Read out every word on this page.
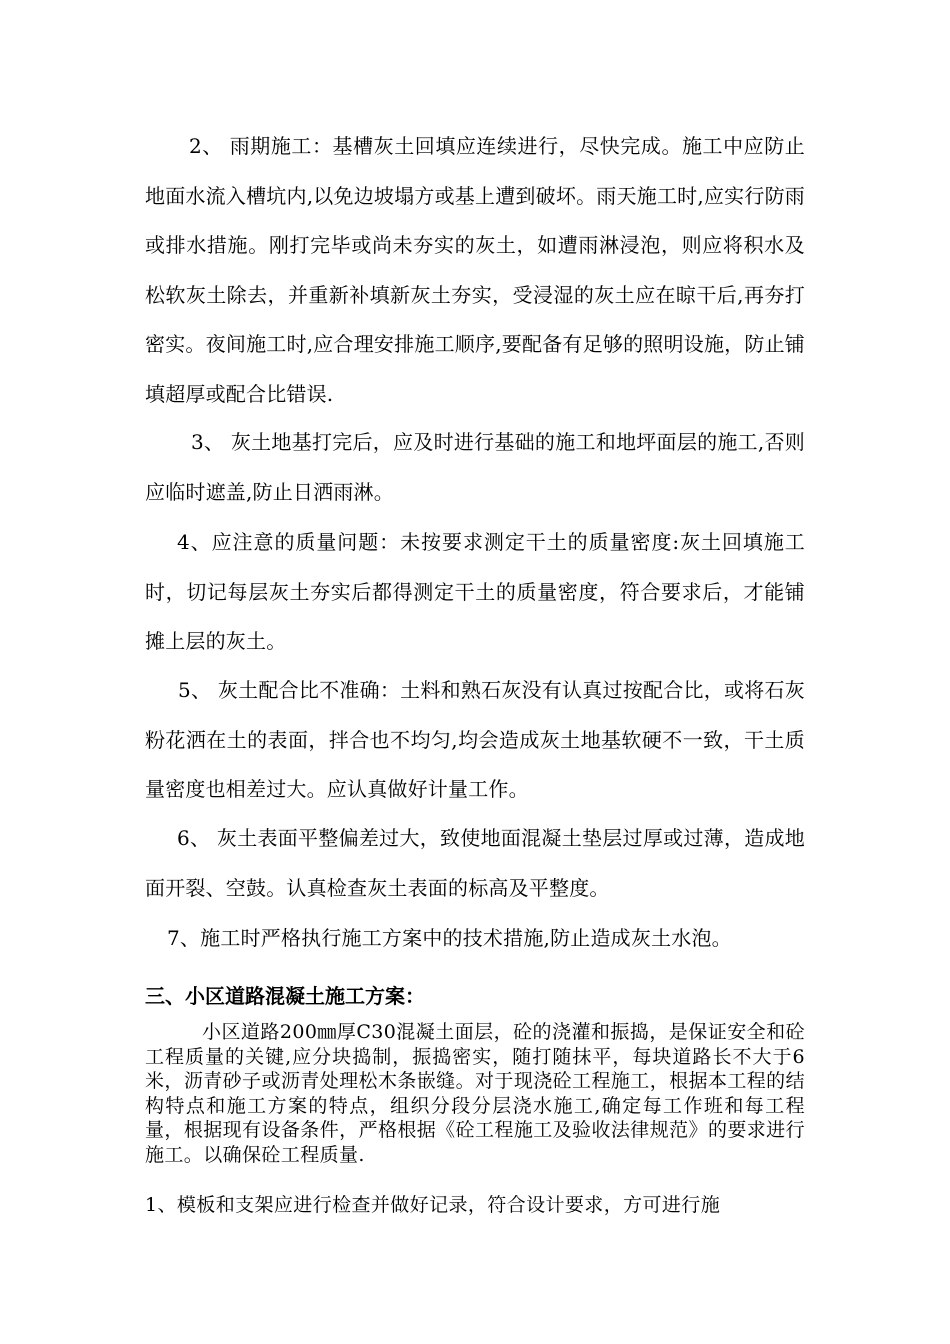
2、 雨期施工：基槽灰土回填应连续进行，尽快完成。施工中应防止地面水流入槽坑内,以免边坡塌方或基上遭到破坏。雨天施工时,应实行防雨或排水措施。刚打完毕或尚未夯实的灰土，如遭雨淋浸泡，则应将积水及松软灰土除去，并重新补填新灰土夯实，受浸湿的灰土应在晾干后,再夯打密实。夜间施工时,应合理安排施工顺序,要配备有足够的照明设施，防止铺填超厚或配合比错误.

3、 灰土地基打完后，应及时进行基础的施工和地坪面层的施工,否则应临时遮盖,防止日洒雨淋。

4、应注意的质量问题：未按要求测定干土的质量密度:灰土回填施工时，切记每层灰土夯实后都得测定干土的质量密度，符合要求后，才能铺摊上层的灰土。

5、 灰土配合比不准确：土料和熟石灰没有认真过按配合比，或将石灰粉花洒在土的表面，拌合也不均匀,均会造成灰土地基软硬不一致，干土质量密度也相差过大。应认真做好计量工作。

6、 灰土表面平整偏差过大，致使地面混凝土垫层过厚或过薄，造成地面开裂、空鼓。认真检查灰土表面的标高及平整度。

7、施工时严格执行施工方案中的技术措施,防止造成灰土水泡。

三、小区道路混凝土施工方案：

小区道路200㎜厚C30混凝土面层，砼的浇灌和振捣，是保证安全和砼工程质量的关键,应分块捣制，振捣密实，随打随抹平，每块道路长不大于6米，沥青砂子或沥青处理松木条嵌缝。对于现浇砼工程施工，根据本工程的结构特点和施工方案的特点，组织分段分层浇水施工,确定每工作班和每工程量，根据现有设备条件，严格根据《砼工程施工及验收法律规范》的要求进行施工。以确保砼工程质量.

1、模板和支架应进行检查并做好记录，符合设计要求，方可进行施
